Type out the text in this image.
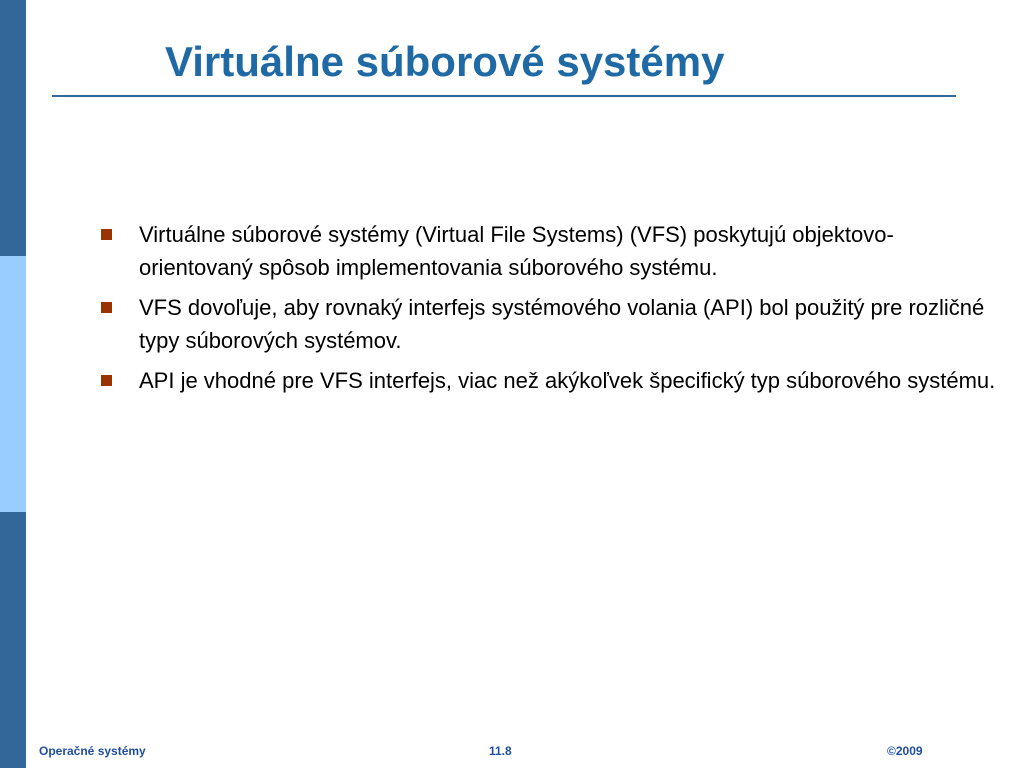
Virtuálne súborové systémy
Virtuálne súborové systémy (Virtual File Systems) (VFS) poskytujú objektovo-orientovaný spôsob implementovania súborového systému.
VFS dovoľuje, aby rovnaký interfejs systémového volania (API) bol použitý pre rozličné typy súborových systémov.
API je vhodné pre VFS interfejs, viac než akýkoľvek špecifický typ súborového systému.
Operačné systémy	11.8	©2009
